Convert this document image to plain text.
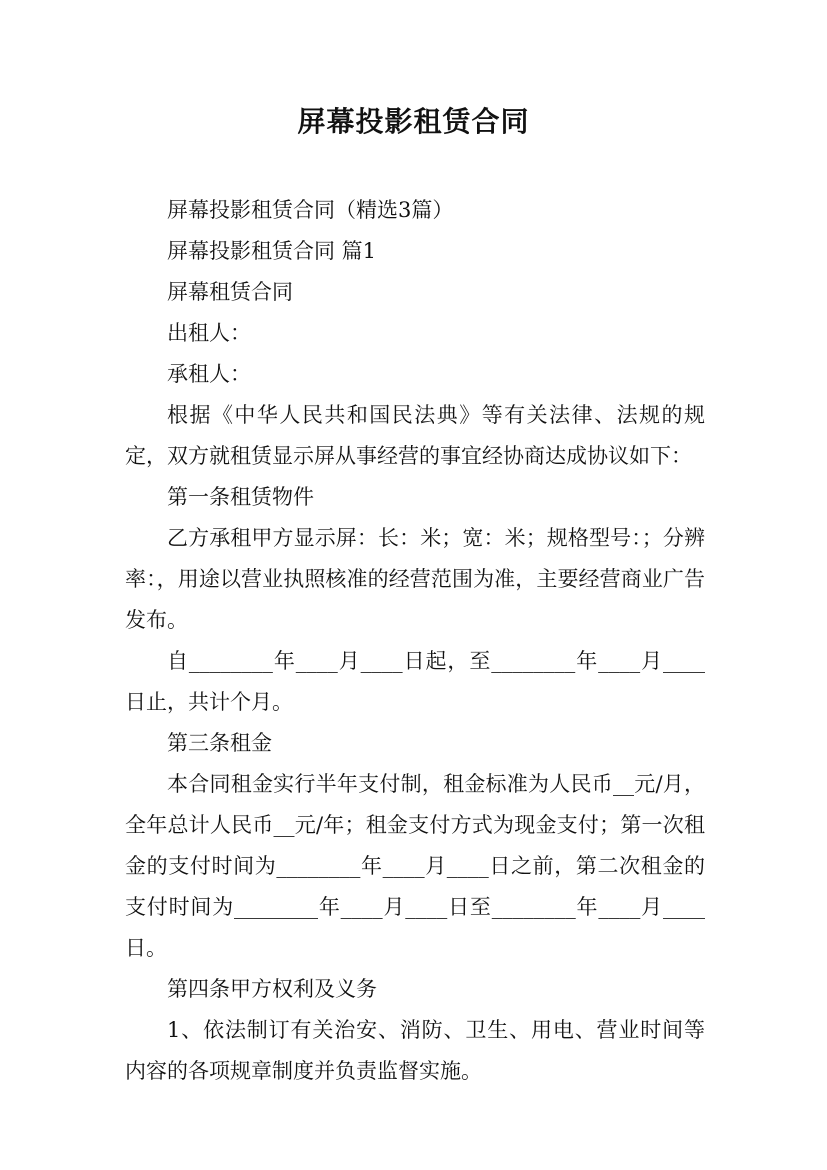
屏幕投影租赁合同

屏幕投影租赁合同（精选3篇）

屏幕投影租赁合同 篇1

屏幕租赁合同

出租人：

承租人：

根据《中华人民共和国民法典》等有关法律、法规的规定，双方就租赁显示屏从事经营的事宜经协商达成协议如下：

第一条租赁物件

乙方承租甲方显示屏：长：米；宽：米；规格型号：；分辨率：，用途以营业执照核准的经营范围为准，主要经营商业广告发布。

自________年____月____日起，至________年____月____日止，共计个月。

第三条租金

本合同租金实行半年支付制，租金标准为人民币__元/月，全年总计人民币__元/年；租金支付方式为现金支付；第一次租金的支付时间为________年____月____日之前，第二次租金的支付时间为________年____月____日至________年____月____日。

第四条甲方权利及义务

1、依法制订有关治安、消防、卫生、用电、营业时间等内容的各项规章制度并负责监督实施。
